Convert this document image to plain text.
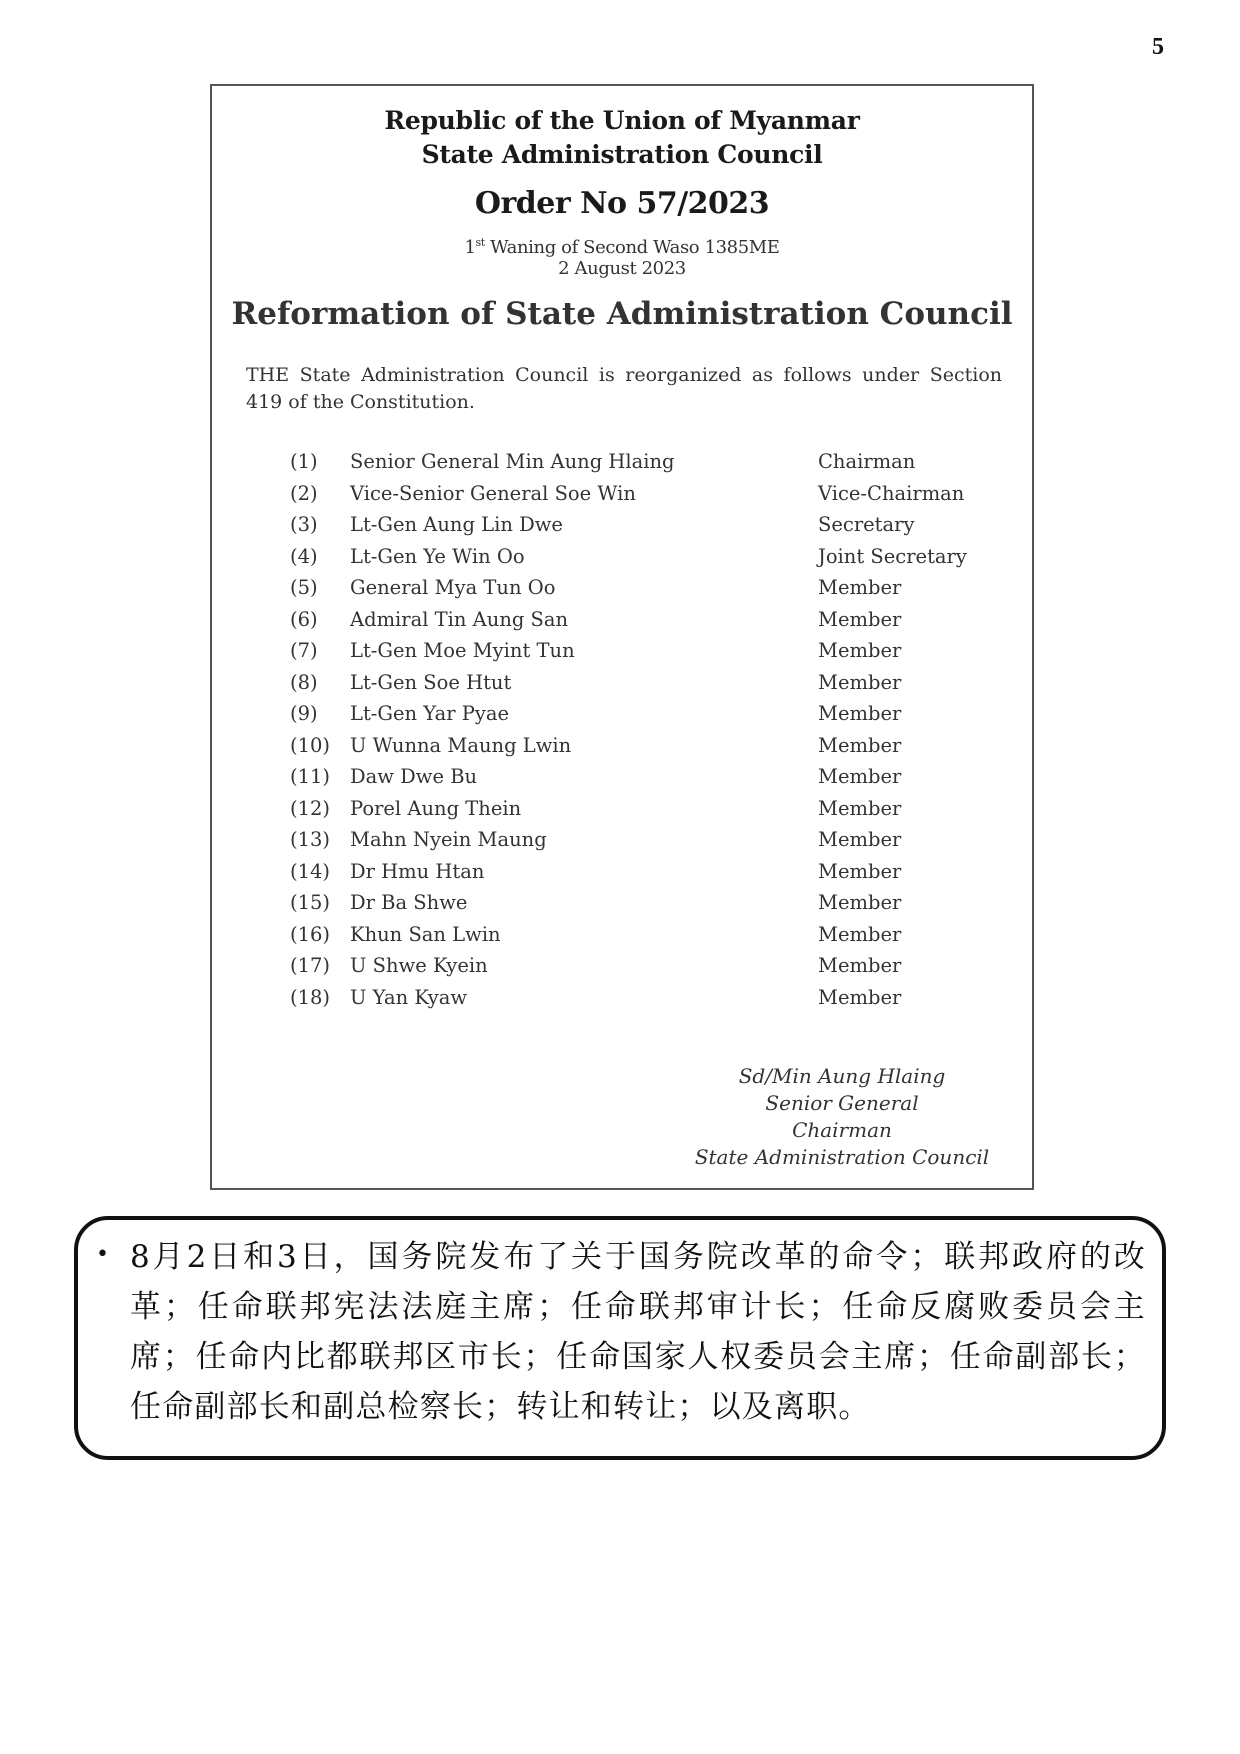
5
Republic of the Union of Myanmar
State Administration Council
Order No 57/2023
1st Waning of Second Waso 1385ME
2 August 2023
Reformation of State Administration Council
THE State Administration Council is reorganized as follows under Section 419 of the Constitution.
(1) Senior General Min Aung Hlaing	Chairman
(2) Vice-Senior General Soe Win	Vice-Chairman
(3) Lt-Gen Aung Lin Dwe	Secretary
(4) Lt-Gen Ye Win Oo	Joint Secretary
(5) General Mya Tun Oo	Member
(6) Admiral Tin Aung San	Member
(7) Lt-Gen Moe Myint Tun	Member
(8) Lt-Gen Soe Htut	Member
(9) Lt-Gen Yar Pyae	Member
(10) U Wunna Maung Lwin	Member
(11) Daw Dwe Bu	Member
(12) Porel Aung Thein	Member
(13) Mahn Nyein Maung	Member
(14) Dr Hmu Htan	Member
(15) Dr Ba Shwe	Member
(16) Khun San Lwin	Member
(17) U Shwe Kyein	Member
(18) U Yan Kyaw	Member
Sd/Min Aung Hlaing
Senior General
Chairman
State Administration Council
• 8月2日和3日，国务院发布了关于国务院改革的命令；联邦政府的改革；任命联邦宪法法庭主席；任命联邦审计长；任命反腐败委员会主席；任命内比都联邦区市长；任命国家人权委员会主席；任命副部长；任命副部长和副总检察长；转让和转让；以及离职。
